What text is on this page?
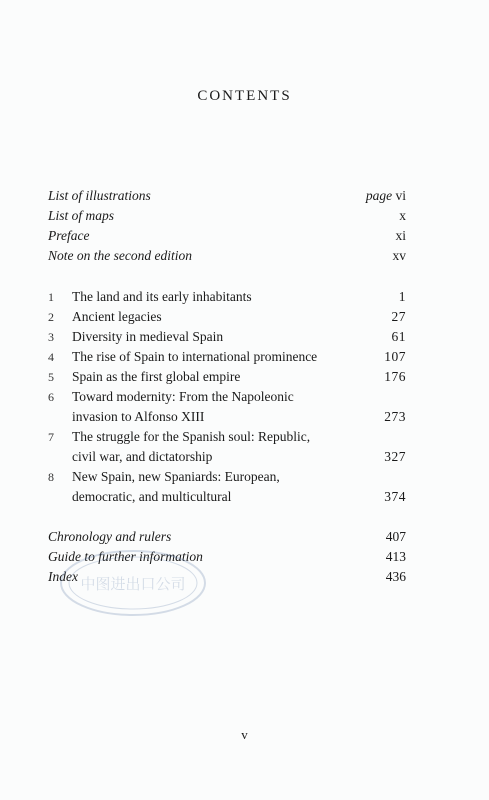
CONTENTS
List of illustrations	page vi
List of maps	x
Preface	xi
Note on the second edition	xv
1	The land and its early inhabitants	1
2	Ancient legacies	27
3	Diversity in medieval Spain	61
4	The rise of Spain to international prominence	107
5	Spain as the first global empire	176
6	Toward modernity: From the Napoleonic
invasion to Alfonso XIII	273
7	The struggle for the Spanish soul: Republic,
civil war, and dictatorship	327
8	New Spain, new Spaniards: European,
democratic, and multicultural	374
Chronology and rulers	407
Guide to further information	413
Index	436
中图进出口公司
v
